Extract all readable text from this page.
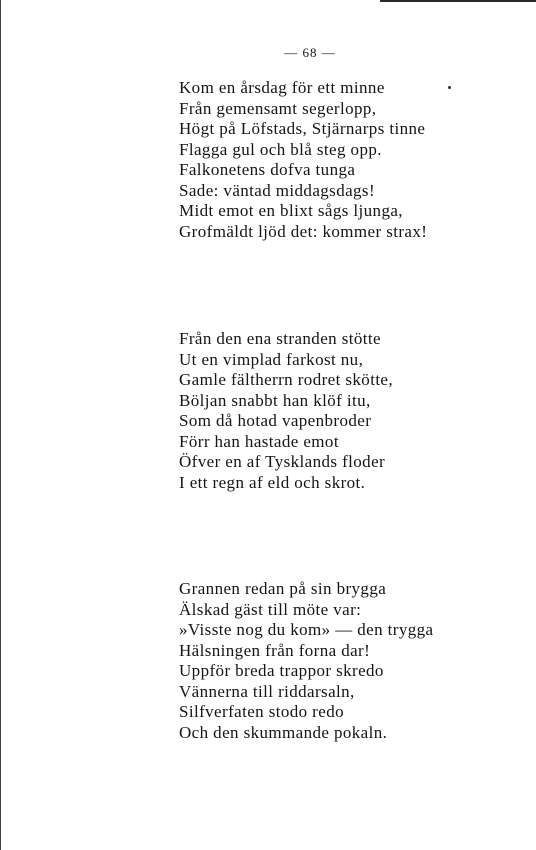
— 68 —
Kom en årsdag för ett minne
Från gemensamt segerlopp,
Högt på Löfstads, Stjärnarps tinne
Flagga gul och blå steg opp.
Falkonetens dofva tunga
Sade: väntad middagsdags!
Midt emot en blixt sågs ljunga,
Grofmäldt ljöd det: kommer strax!
Från den ena stranden stötte
Ut en vimplad farkost nu,
Gamle fältherrn rodret skötte,
Böljan snabbt han klöf itu,
Som då hotad vapenbroder
Förr han hastade emot
Öfver en af Tysklands floder
I ett regn af eld och skrot.
Grannen redan på sin brygga
Älskad gäst till möte var:
»Visste nog du kom» — den trygga
Hälsningen från forna dar!
Uppför breda trappor skredo
Vännerna till riddarsaln,
Silfverfaten stodo redo
Och den skummande pokaln.
